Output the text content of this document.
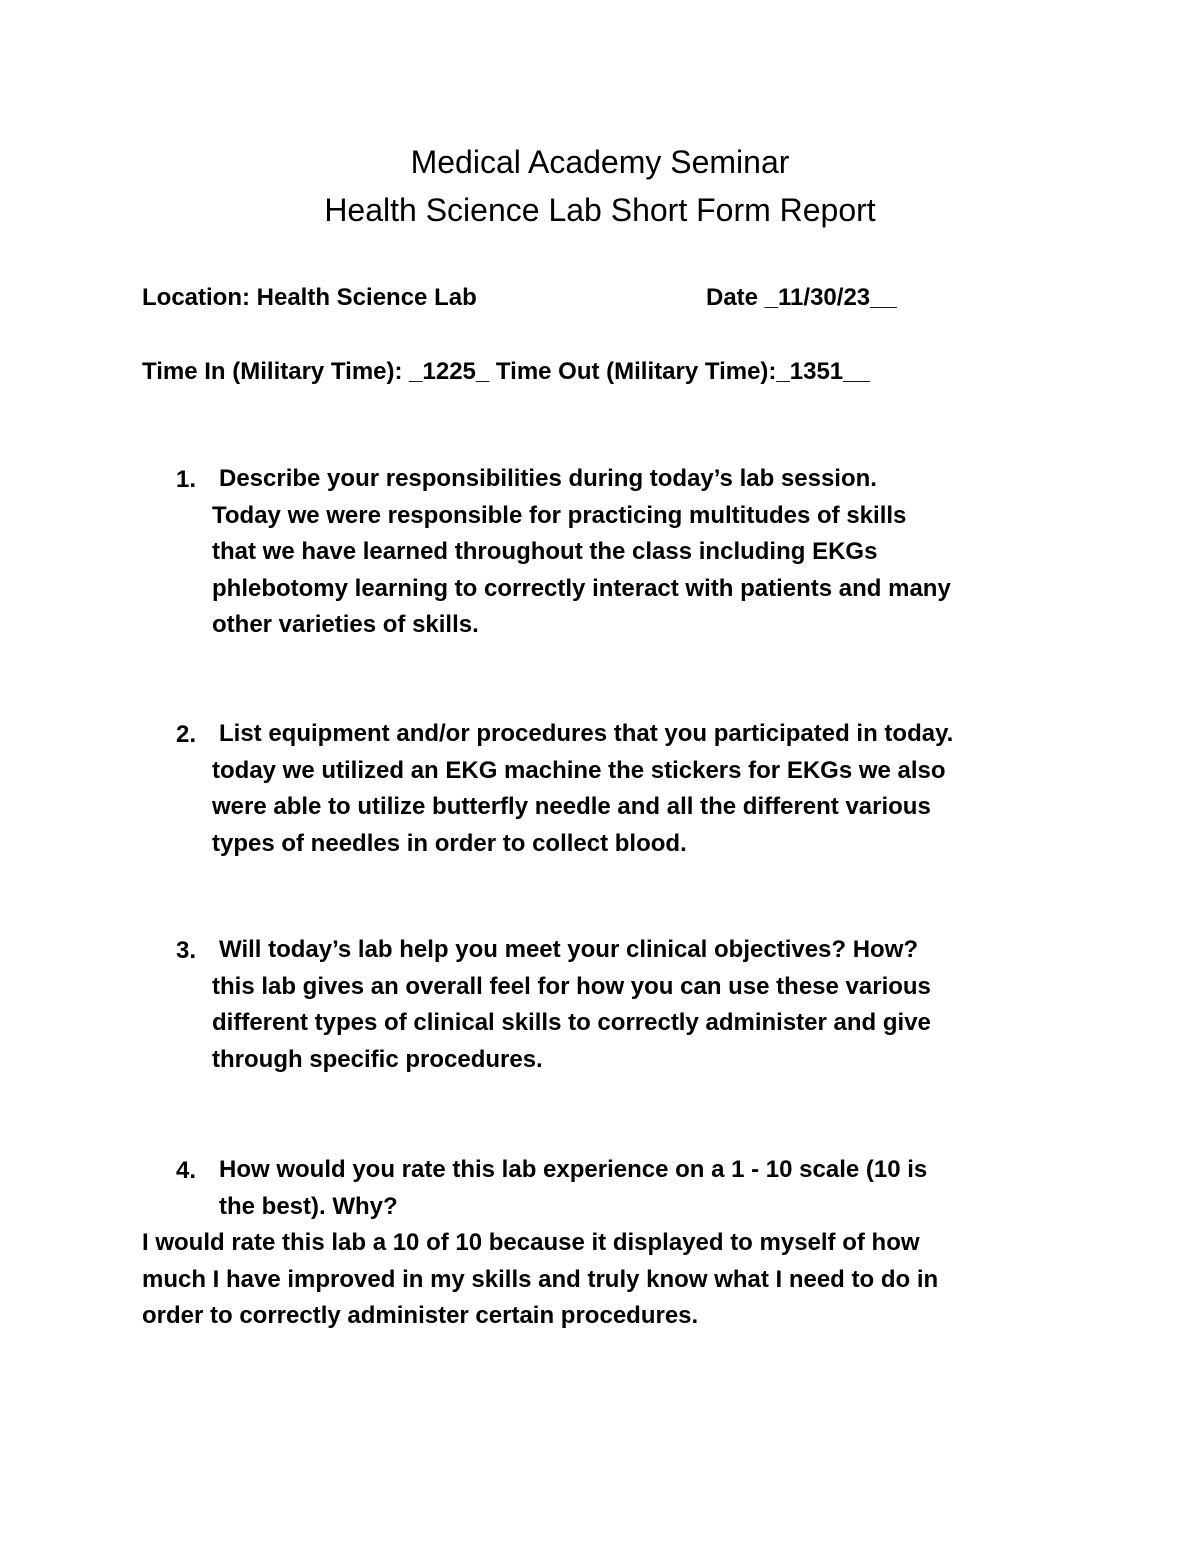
Medical Academy Seminar
Health Science Lab Short Form Report
Location: Health Science Lab	Date _11/30/23__
Time In (Military Time): _1225_ Time Out (Military Time):_1351__
1. Describe your responsibilities during today’s lab session.
Today we were responsible for practicing multitudes of skills
that we have learned throughout the class including EKGs
phlebotomy learning to correctly interact with patients and many
other varieties of skills.
2. List equipment and/or procedures that you participated in today.
today we utilized an EKG machine the stickers for EKGs we also
were able to utilize butterfly needle and all the different various
types of needles in order to collect blood.
3. Will today’s lab help you meet your clinical objectives? How?
this lab gives an overall feel for how you can use these various
different types of clinical skills to correctly administer and give
through specific procedures.
4. How would you rate this lab experience on a 1 - 10 scale (10 is
the best). Why?
I would rate this lab a 10 of 10 because it displayed to myself of how
much I have improved in my skills and truly know what I need to do in
order to correctly administer certain procedures.
